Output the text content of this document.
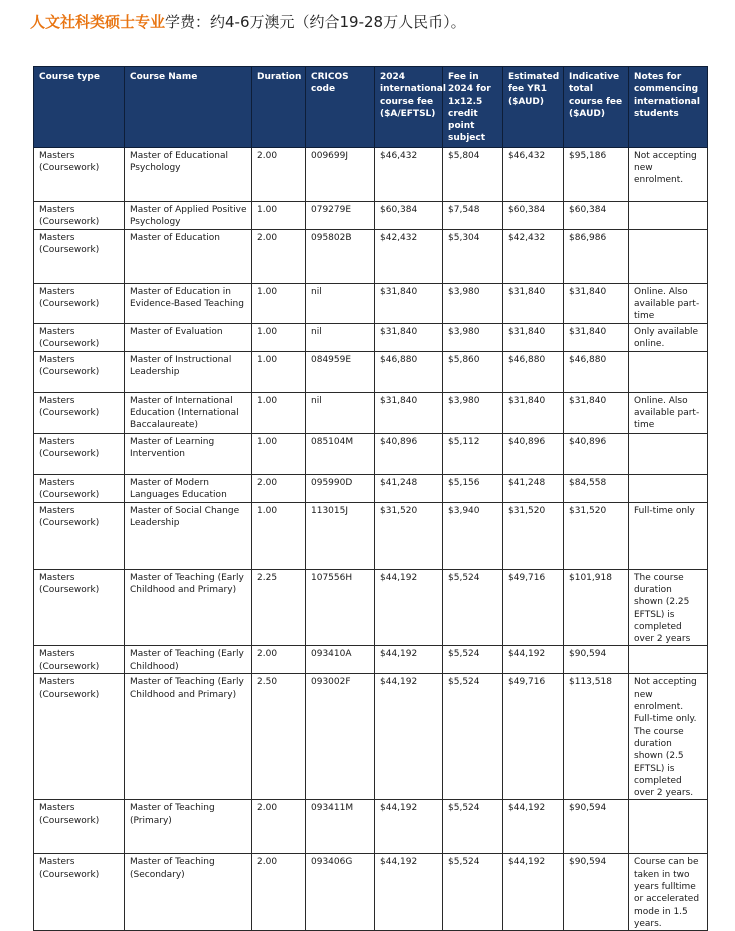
人文社科类硕士专业学费：约4-6万澳元（约合19-28万人民币）。
Course type	Course Name	Duration	CRICOS code	2024 international course fee ($A/EFTSL)	Fee in 2024 for 1x12.5 credit point subject	Estimated fee YR1 ($AUD)	Indicative total course fee ($AUD)	Notes for commencing international students
Masters (Coursework)	Master of Educational Psychology	2.00	009699J	$46,432	$5,804	$46,432	$95,186	Not accepting new enrolment.
Masters (Coursework)	Master of Applied Positive Psychology	1.00	079279E	$60,384	$7,548	$60,384	$60,384	
Masters (Coursework)	Master of Education	2.00	095802B	$42,432	$5,304	$42,432	$86,986	
Masters (Coursework)	Master of Education in Evidence-Based Teaching	1.00	nil	$31,840	$3,980	$31,840	$31,840	Online. Also available part-time
Masters (Coursework)	Master of Evaluation	1.00	nil	$31,840	$3,980	$31,840	$31,840	Only available online.
Masters (Coursework)	Master of Instructional Leadership	1.00	084959E	$46,880	$5,860	$46,880	$46,880	
Masters (Coursework)	Master of International Education (International Baccalaureate)	1.00	nil	$31,840	$3,980	$31,840	$31,840	Online. Also available part-time
Masters (Coursework)	Master of Learning Intervention	1.00	085104M	$40,896	$5,112	$40,896	$40,896	
Masters (Coursework)	Master of Modern Languages Education	2.00	095990D	$41,248	$5,156	$41,248	$84,558	
Masters (Coursework)	Master of Social Change Leadership	1.00	113015J	$31,520	$3,940	$31,520	$31,520	Full-time only
Masters (Coursework)	Master of Teaching (Early Childhood and Primary)	2.25	107556H	$44,192	$5,524	$49,716	$101,918	The course duration shown (2.25 EFTSL) is completed over 2 years
Masters (Coursework)	Master of Teaching (Early Childhood)	2.00	093410A	$44,192	$5,524	$44,192	$90,594	
Masters (Coursework)	Master of Teaching (Early Childhood and Primary)	2.50	093002F	$44,192	$5,524	$49,716	$113,518	Not accepting new enrolment. Full-time only. The course duration shown (2.5 EFTSL) is completed over 2 years.
Masters (Coursework)	Master of Teaching (Primary)	2.00	093411M	$44,192	$5,524	$44,192	$90,594	
Masters (Coursework)	Master of Teaching (Secondary)	2.00	093406G	$44,192	$5,524	$44,192	$90,594	Course can be taken in two years fulltime or accelerated mode in 1.5 years.
